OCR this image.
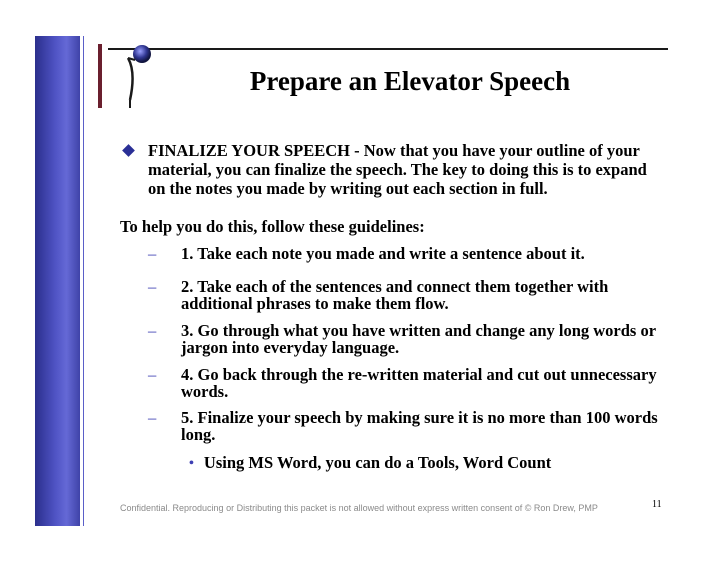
Prepare an Elevator Speech
FINALIZE YOUR SPEECH - Now that you have your outline of your material, you can finalize the speech. The key to doing this is to expand on the notes you made by writing out each section in full.
To help you do this, follow these guidelines:
–	1. Take each note you made and write a sentence about it.
–	2. Take each of the sentences and connect them together with additional phrases to make them flow.
–	3. Go through what you have written and change any long words or jargon into everyday language.
–	4. Go back through the re-written material and cut out unnecessary words.
–	5. Finalize your speech by making sure it is no more than 100 words long.
• Using MS Word, you can do a Tools, Word Count
Confidential. Reproducing or Distributing this packet is not allowed without express written consent of © Ron Drew, PMP	11
